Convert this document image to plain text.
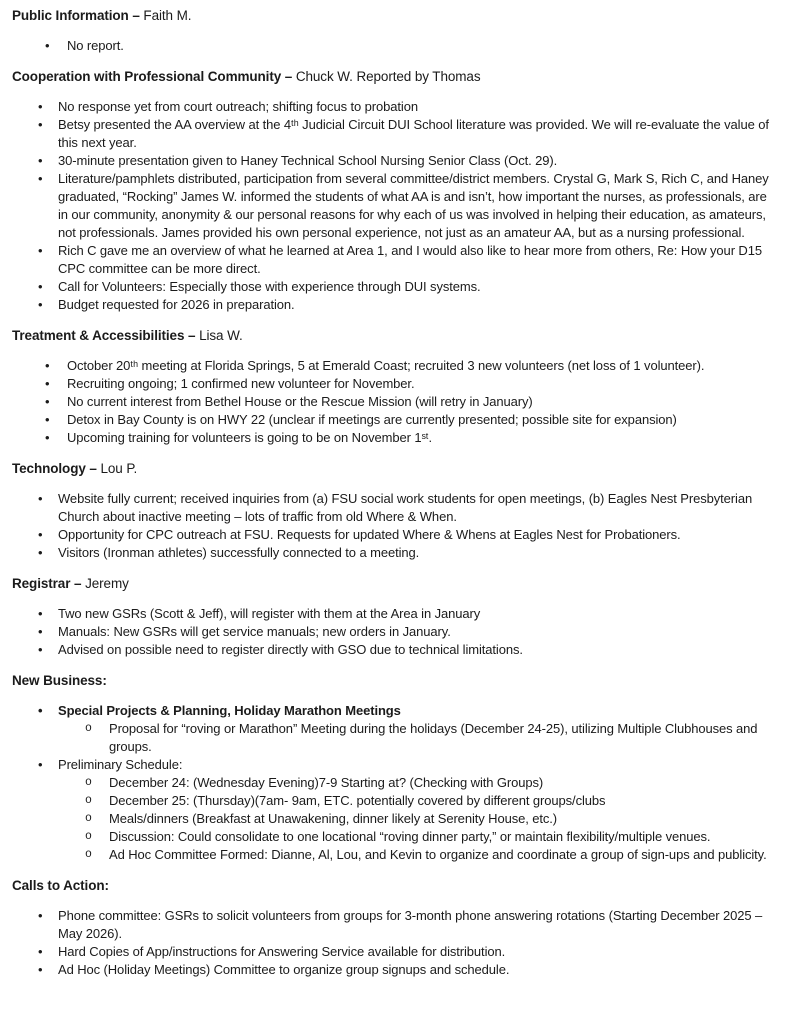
Public Information – Faith M.
• No report.
Cooperation with Professional Community – Chuck W. Reported by Thomas
• No response yet from court outreach; shifting focus to probation
• Betsy presented the AA overview at the 4ᵗʰ Judicial Circuit DUI School literature was provided. We will re-evaluate the value of this next year.
• 30-minute presentation given to Haney Technical School Nursing Senior Class (Oct. 29).
• Literature/pamphlets distributed, participation from several committee/district members. Crystal G, Mark S, Rich C, and Haney graduated, “Rocking” James W. informed the students of what AA is and isn’t, how important the nurses, as professionals, are in our community, anonymity & our personal reasons for why each of us was involved in helping their education, as amateurs, not professionals. James provided his own personal experience, not just as an amateur AA, but as a nursing professional.
• Rich C gave me an overview of what he learned at Area 1, and I would also like to hear more from others, Re: How your D15 CPC committee can be more direct.
• Call for Volunteers: Especially those with experience through DUI systems.
• Budget requested for 2026 in preparation.
Treatment & Accessibilities – Lisa W.
• October 20ᵗʰ meeting at Florida Springs, 5 at Emerald Coast; recruited 3 new volunteers (net loss of 1 volunteer).
• Recruiting ongoing; 1 confirmed new volunteer for November.
• No current interest from Bethel House or the Rescue Mission (will retry in January)
• Detox in Bay County is on HWY 22 (unclear if meetings are currently presented; possible site for expansion)
• Upcoming training for volunteers is going to be on November 1ˢᵗ.
Technology – Lou P.
• Website fully current; received inquiries from (a) FSU social work students for open meetings, (b) Eagles Nest Presbyterian Church about inactive meeting – lots of traffic from old Where & When.
• Opportunity for CPC outreach at FSU. Requests for updated Where & Whens at Eagles Nest for Probationers.
• Visitors (Ironman athletes) successfully connected to a meeting.
Registrar – Jeremy
• Two new GSRs (Scott & Jeff), will register with them at the Area in January
• Manuals: New GSRs will get service manuals; new orders in January.
• Advised on possible need to register directly with GSO due to technical limitations.
New Business:
• Special Projects & Planning, Holiday Marathon Meetings
o Proposal for “roving or Marathon” Meeting during the holidays (December 24-25), utilizing Multiple Clubhouses and groups.
• Preliminary Schedule:
o December 24: (Wednesday Evening)7-9 Starting at? (Checking with Groups)
o December 25: (Thursday)(7am- 9am, ETC. potentially covered by different groups/clubs
o Meals/dinners (Breakfast at Unawakening, dinner likely at Serenity House, etc.)
o Discussion: Could consolidate to one locational “roving dinner party,” or maintain flexibility/multiple venues.
o Ad Hoc Committee Formed: Dianne, Al, Lou, and Kevin to organize and coordinate a group of sign-ups and publicity.
Calls to Action:
• Phone committee: GSRs to solicit volunteers from groups for 3-month phone answering rotations (Starting December 2025 – May 2026).
• Hard Copies of App/instructions for Answering Service available for distribution.
• Ad Hoc (Holiday Meetings) Committee to organize group signups and schedule.
